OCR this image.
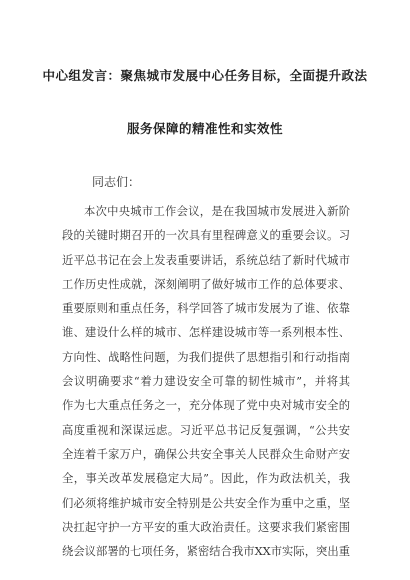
中心组发言：聚焦城市发展中心任务目标，全面提升政法
服务保障的精准性和实效性
同志们：
本次中央城市工作会议，是在我国城市发展进入新阶
段的关键时期召开的一次具有里程碑意义的重要会议。习
近平总书记在会上发表重要讲话，系统总结了新时代城市
工作历史性成就，深刻阐明了做好城市工作的总体要求、
重要原则和重点任务，科学回答了城市发展为了谁、依靠
谁、建设什么样的城市、怎样建设城市等一系列根本性、
方向性、战略性问题，为我们提供了思想指引和行动指南
会议明确要求“着力建设安全可靠的韧性城市”，并将其
作为七大重点任务之一，充分体现了党中央对城市安全的
高度重视和深谋远虑。习近平总书记反复强调，“公共安
全连着千家万户，确保公共安全事关人民群众生命财产安
全，事关改革发展稳定大局”。因此，作为政法机关，我
们必须将维护城市安全特别是公共安全作为重中之重，坚
决扛起守护一方平安的重大政治责任。这要求我们紧密围
绕会议部署的七项任务，紧密结合我市XX市实际，突出重
